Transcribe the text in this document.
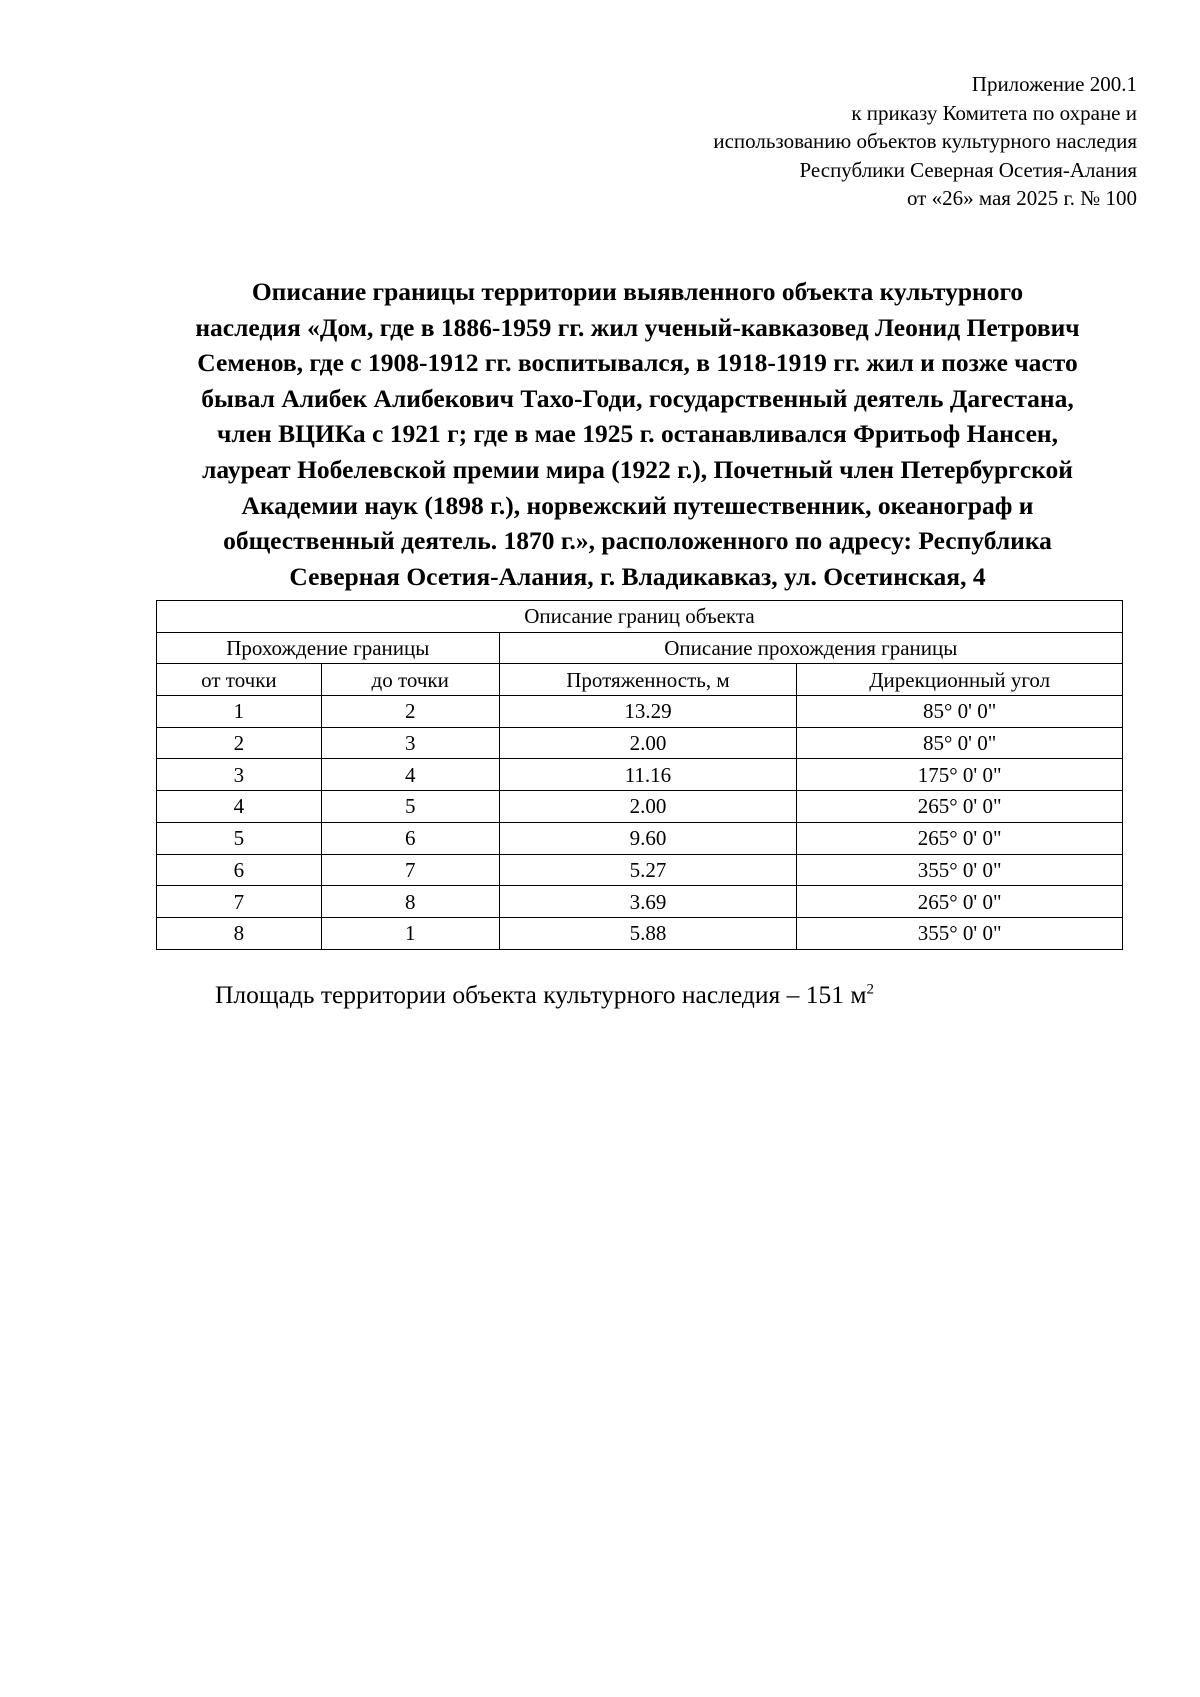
Приложение 200.1
к приказу Комитета по охране и
использованию объектов культурного наследия
Республики Северная Осетия-Алания
от «26» мая 2025 г. № 100
Описание границы территории выявленного объекта культурного
наследия «Дом, где в 1886-1959 гг. жил ученый-кавказовед Леонид Петрович
Семенов, где с 1908-1912 гг. воспитывался, в 1918-1919 гг. жил и позже часто
бывал Алибек Алибекович Тахо-Годи, государственный деятель Дагестана,
член ВЦИКа с 1921 г; где в мае 1925 г. останавливался Фритьоф Нансен,
лауреат Нобелевской премии мира (1922 г.), Почетный член Петербургской
Академии наук (1898 г.), норвежский путешественник, океанограф и
общественный деятель. 1870 г.», расположенного по адресу: Республика
Северная Осетия-Алания, г. Владикавказ, ул. Осетинская, 4
Описание границ объекта			
Прохождение границы		Описание прохождения границы	
от точки	до точки	Протяженность, м	Дирекционный угол
1	2	13.29	85° 0' 0"
2	3	2.00	85° 0' 0"
3	4	11.16	175° 0' 0"
4	5	2.00	265° 0' 0"
5	6	9.60	265° 0' 0"
6	7	5.27	355° 0' 0"
7	8	3.69	265° 0' 0"
8	1	5.88	355° 0' 0"
Площадь территории объекта культурного наследия – 151 $м^2$
